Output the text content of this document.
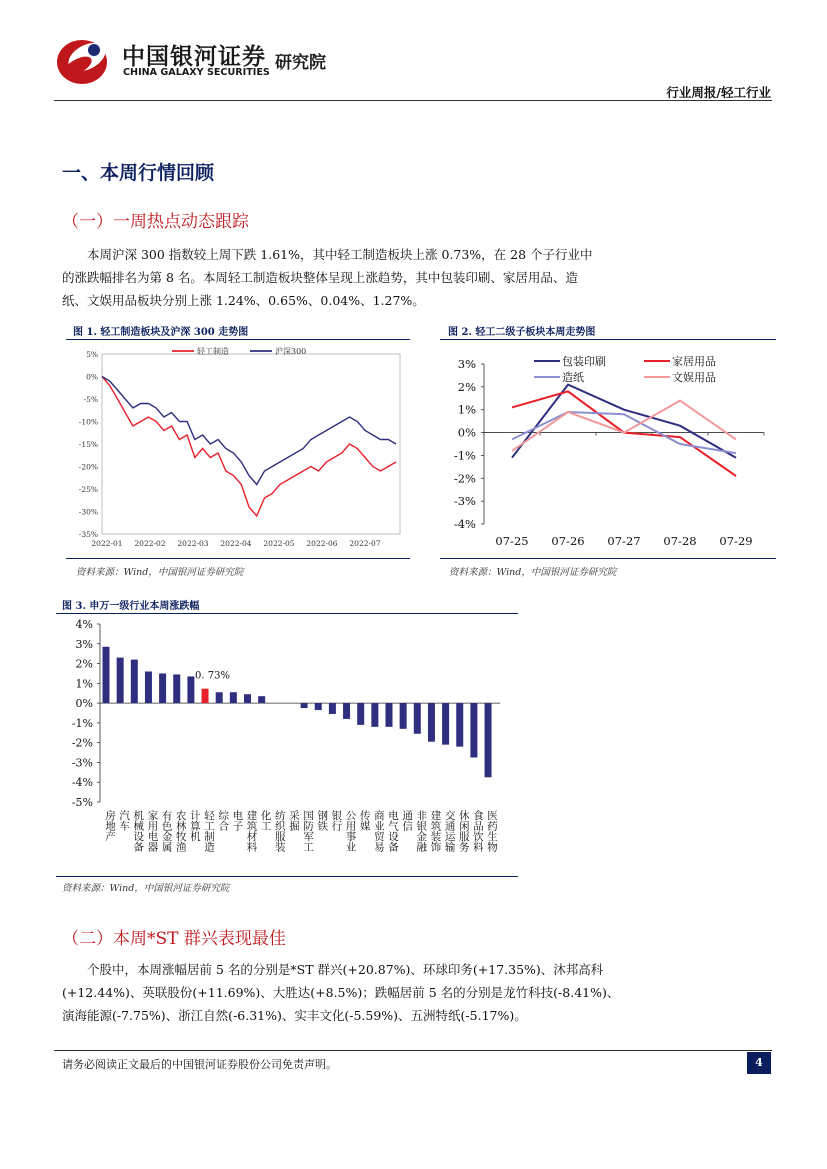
中国银河证券
CHINA GALAXY SECURITIES 研究院
行业周报/轻工行业
一、本周行情回顾
（一）一周热点动态跟踪
本周沪深 300 指数较上周下跌 1.61%，其中轻工制造板块上涨 0.73%，在 28 个子行业中
的涨跌幅排名为第 8 名。本周轻工制造板块整体呈现上涨趋势，其中包装印刷、家居用品、造
纸、文娱用品板块分别上涨 1.24%、0.65%、0.04%、1.27%。
图 1. 轻工制造板块及沪深 300 走势图
5%
0%
-5%
-10%
-15%
-20%
-25%
-30%
-35%
2022-01 2022-02 2022-03 2022-04 2022-05 2022-06 2022-07
轻工制造	沪深300
资料来源：Wind，中国银河证券研究院
图 2. 轻工二级子板块本周走势图
3%
2%
1%
0%
-1%
-2%
-3%
-4%
07-25 07-26 07-27 07-28 07-29
包装印刷	家居用品
造纸	文娱用品
资料来源：Wind，中国银河证券研究院
图 3. 申万一级行业本周涨跌幅
4%
3%
2%
1%
0%
-1%
-2%
-3%
-4%
-5%
房地产 汽车 机械设备 家用电器 有色金属 农林牧渔 计算机 轻工制造 综合 电子 建筑材料 化工 纺织服装 采掘 国防军工 钢铁 银行 公用事业 传媒 商业贸易 电气设备 通信 非银金融 建筑装饰 交通运输 休闲服务 食品饮料 医药生物
0. 73%
资料来源：Wind，中国银河证券研究院
（二）本周*ST 群兴表现最佳
个股中，本周涨幅居前 5 名的分别是*ST 群兴(+20.87%)、环球印务(+17.35%)、沐邦高科
(+12.44%)、英联股份(+11.69%)、大胜达(+8.5%)；跌幅居前 5 名的分别是龙竹科技(-8.41%)、
演海能源(-7.75%)、浙江自然(-6.31%)、实丰文化(-5.59%)、五洲特纸(-5.17%)。
请务必阅读正文最后的中国银河证券股份公司免责声明。	4
